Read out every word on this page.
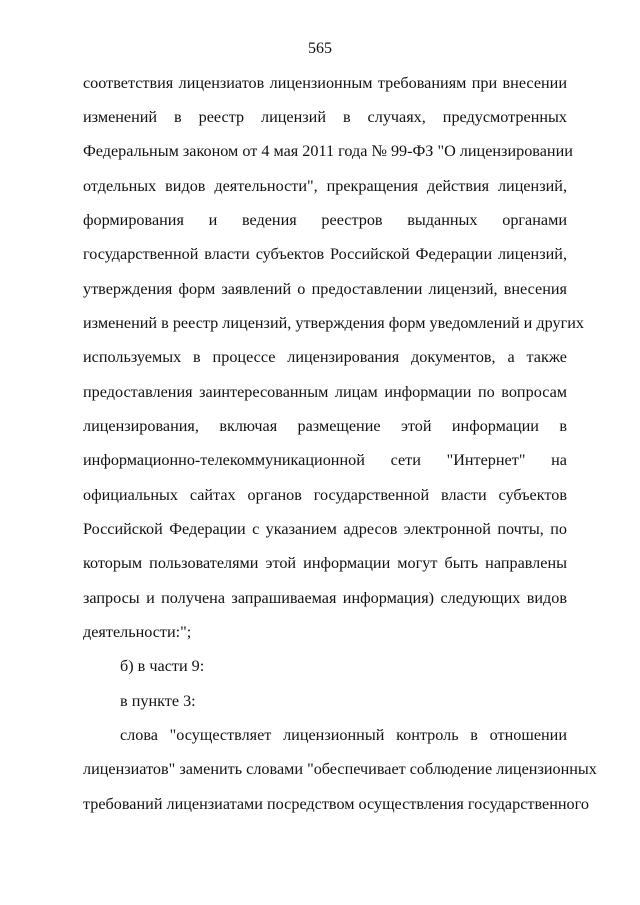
565
соответствия лицензиатов лицензионным требованиям при внесении
изменений в реестр лицензий в случаях, предусмотренных
Федеральным законом от 4 мая 2011 года № 99-ФЗ "О лицензировании
отдельных видов деятельности", прекращения действия лицензий,
формирования и ведения реестров выданных органами
государственной власти субъектов Российской Федерации лицензий,
утверждения форм заявлений о предоставлении лицензий, внесения
изменений в реестр лицензий, утверждения форм уведомлений и других
используемых в процессе лицензирования документов, а также
предоставления заинтересованным лицам информации по вопросам
лицензирования, включая размещение этой информации в
информационно-телекоммуникационной сети "Интернет" на
официальных сайтах органов государственной власти субъектов
Российской Федерации с указанием адресов электронной почты, по
которым пользователями этой информации могут быть направлены
запросы и получена запрашиваемая информация) следующих видов
деятельности:";
б) в части 9:
в пункте 3:
слова "осуществляет лицензионный контроль в отношении
лицензиатов" заменить словами "обеспечивает соблюдение лицензионных
требований лицензиатами посредством осуществления государственного
